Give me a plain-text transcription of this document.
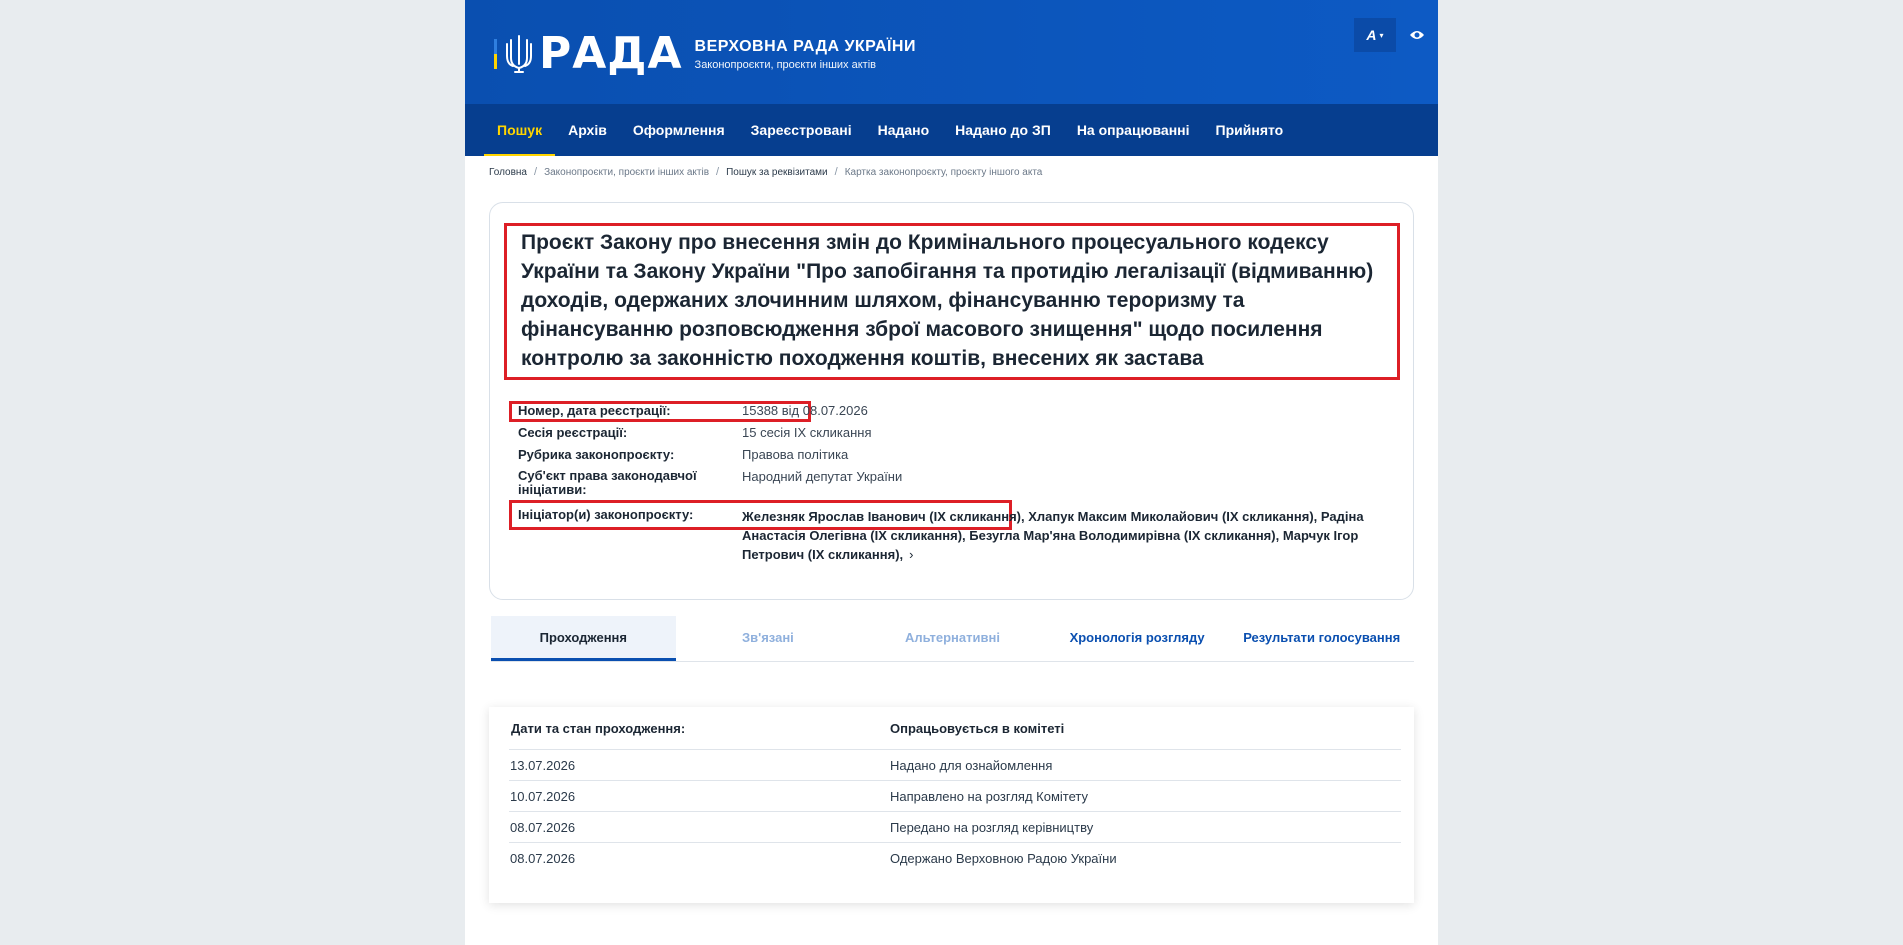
РАДА ВЕРХОВНА РАДА УКРАЇНИ
Законопроєкти, проєкти інших актів
A ▾
Пошук	Архів	Оформлення	Зареєстровані	Надано	Надано до ЗП	На опрацюванні	Прийнято
Головна / Законопроєкти, проєкти інших актів / Пошук за реквізитами / Картка законопроєкту, проєкту іншого акта
Проєкт Закону про внесення змін до Кримінального процесуального кодексу України та Закону України "Про запобігання та протидію легалізації (відмиванню) доходів, одержаних злочинним шляхом, фінансуванню тероризму та фінансуванню розповсюдження зброї масового знищення" щодо посилення контролю за законністю походження коштів, внесених як застава
Номер, дата реєстрації:	15388 від 08.07.2026
Сесія реєстрації:	15 сесія IX скликання
Рубрика законопроєкту:	Правова політика
Суб'єкт права законодавчої ініціативи:
Народний депутат України
Ініціатор(и) законопроєкту:	Железняк Ярослав Іванович (IX скликання), Хлапук Максим Миколайович (IX скликання), Радіна Анастасія Олегівна (IX скликання), Безугла Мар'яна Володимирівна (IX скликання), Марчук Ігор Петрович (IX скликання), ›
Проходження	Зв'язані	Альтернативні	Хронологія розгляду	Результати голосування
Дати та стан проходження:	Опрацьовується в комітеті
13.07.2026	Надано для ознайомлення
10.07.2026	Направлено на розгляд Комітету
08.07.2026	Передано на розгляд керівництву
08.07.2026	Одержано Верховною Радою України
